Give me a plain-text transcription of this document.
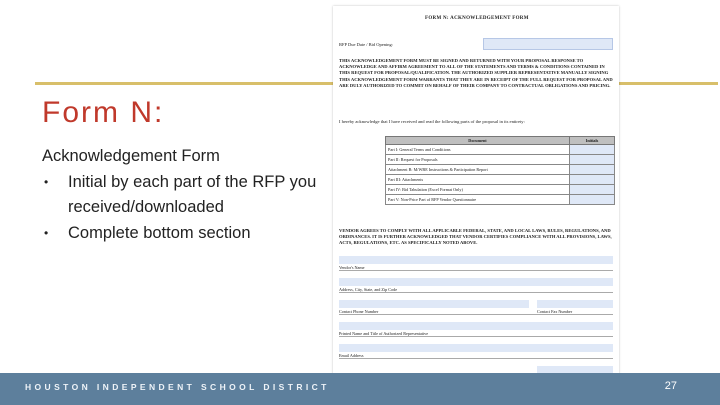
Form N:
Acknowledgement Form
•	Initial by each part of the RFP you received/downloaded
•	Complete bottom section
FORM N: ACKNOWLEDGEMENT FORM
RFP Due Date / Bid Opening:
THIS ACKNOWLEDGEMENT FORM MUST BE SIGNED AND RETURNED WITH YOUR PROPOSAL RESPONSE TO ACKNOWLEDGE AND AFFIRM AGREEMENT TO ALL OF THE STATEMENTS AND TERMS & CONDITIONS CONTAINED IN THIS REQUEST FOR PROPOSAL/QUALIFICATION. THE AUTHORIZED SUPPLIER REPRESENTATIVE MANUALLY SIGNING THIS ACKNOWLEDGEMENT FORM WARRANTS THAT THEY ARE IN RECEIPT OF THE FULL REQUEST FOR PROPOSAL AND ARE DULY AUTHORIZED TO COMMIT ON BEHALF OF THEIR COMPANY TO CONTRACTUAL OBLIGATIONS AND PRICING.
I hereby acknowledge that I have received and read the following parts of the proposal in its entirety:
Document	Initials
Part I: General Terms and Conditions	
Part II: Request for Proposals	
Attachment B: M/WBE Instructions & Participation Report	
Part III: Attachments	
Part IV: Bid Tabulation (Excel Format Only)	
Part V: Non-Price Part of RFP Vendor Questionnaire	
VENDOR AGREES TO COMPLY WITH ALL APPLICABLE FEDERAL, STATE, AND LOCAL LAWS, RULES, REGULATIONS, AND ORDINANCES. IT IS FURTHER ACKNOWLEDGED THAT VENDOR CERTIFIES COMPLIANCE WITH ALL PROVISIONS, LAWS, ACTS, REGULATIONS, ETC. AS SPECIFICALLY NOTED ABOVE.
Vendor's Name
Address, City, State, and Zip Code
Contact Phone Number	Contact Fax Number
Printed Name and Title of Authorized Representative
Email Address
HOUSTON INDEPENDENT SCHOOL DISTRICT	27
